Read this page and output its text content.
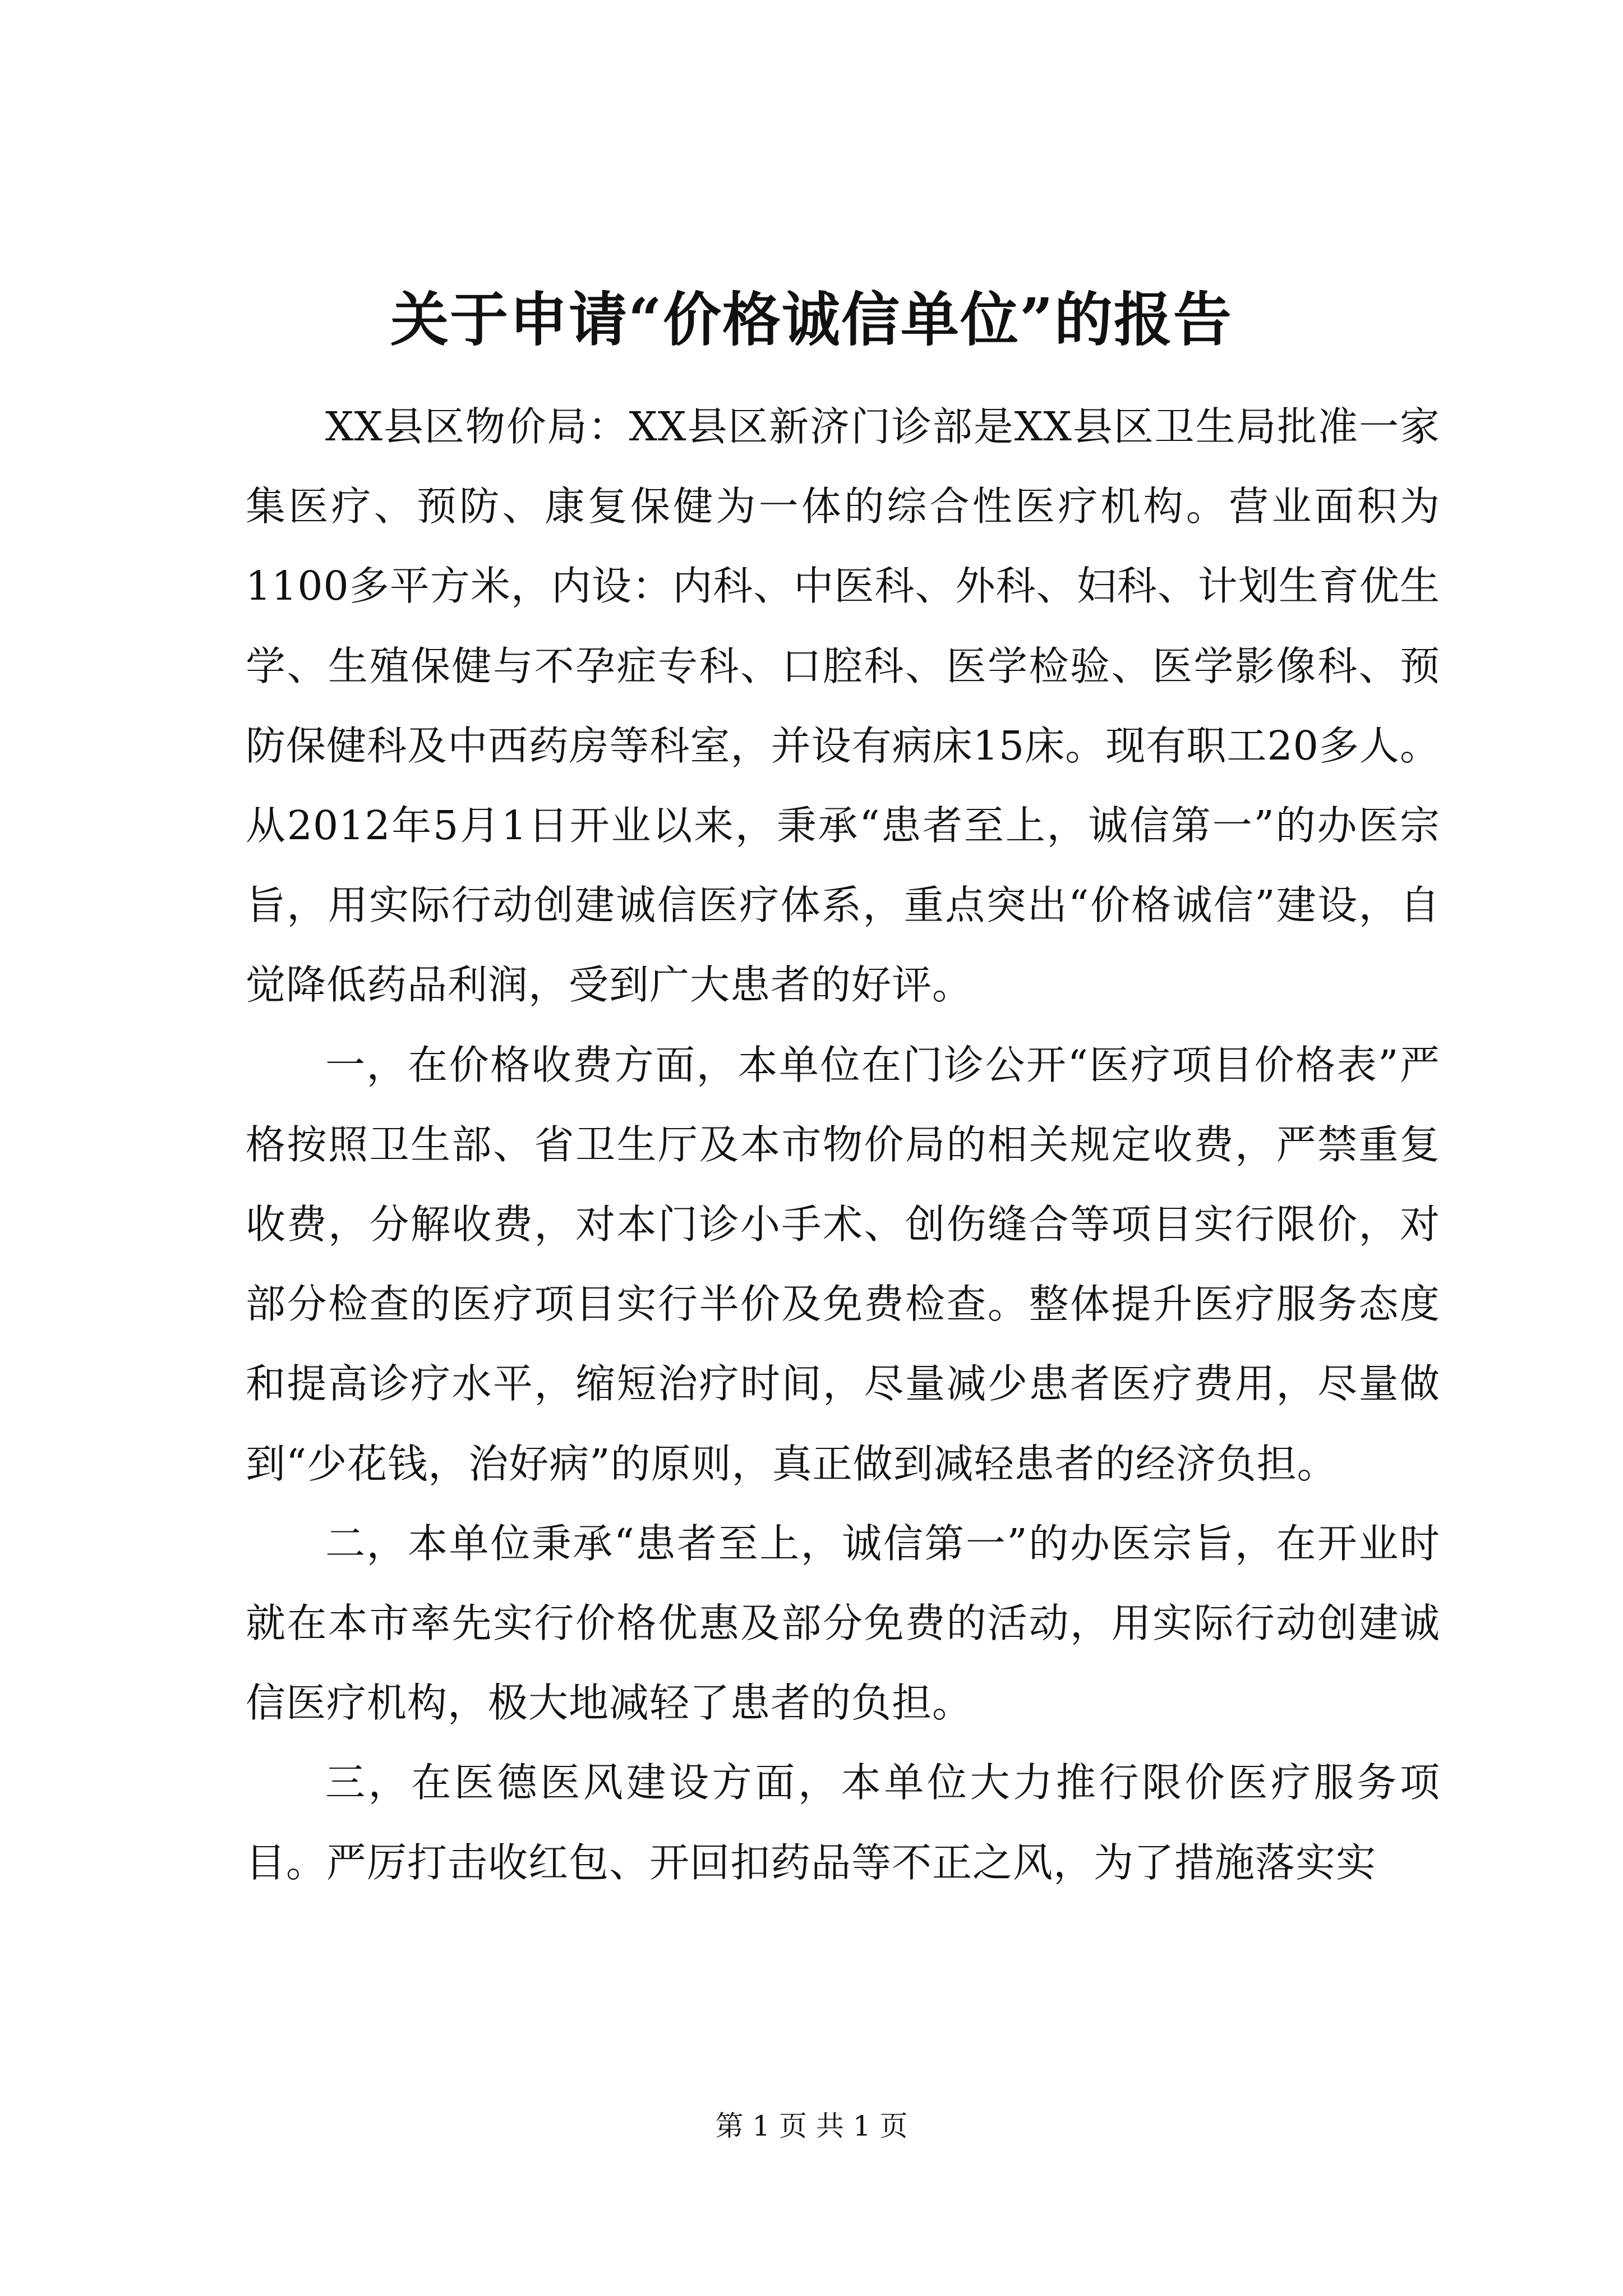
关于申请“价格诚信单位”的报告

XX县区物价局：XX县区新济门诊部是XX县区卫生局批准一家集医疗、预防、康复保健为一体的综合性医疗机构。营业面积为1100多平方米，内设：内科、中医科、外科、妇科、计划生育优生学、生殖保健与不孕症专科、口腔科、医学检验、医学影像科、预防保健科及中西药房等科室，并设有病床15床。现有职工20多人。从2012年5月1日开业以来，秉承“患者至上，诚信第一”的办医宗旨，用实际行动创建诚信医疗体系，重点突出“价格诚信”建设，自觉降低药品利润，受到广大患者的好评。

一，在价格收费方面，本单位在门诊公开“医疗项目价格表”严格按照卫生部、省卫生厅及本市物价局的相关规定收费，严禁重复收费，分解收费，对本门诊小手术、创伤缝合等项目实行限价，对部分检查的医疗项目实行半价及免费检查。整体提升医疗服务态度和提高诊疗水平，缩短治疗时间，尽量减少患者医疗费用，尽量做到“少花钱，治好病”的原则，真正做到减轻患者的经济负担。

二，本单位秉承“患者至上，诚信第一”的办医宗旨，在开业时就在本市率先实行价格优惠及部分免费的活动，用实际行动创建诚信医疗机构，极大地减轻了患者的负担。

三，在医德医风建设方面，本单位大力推行限价医疗服务项目。严厉打击收红包、开回扣药品等不正之风，为了措施落实实

第 1 页 共 1 页
